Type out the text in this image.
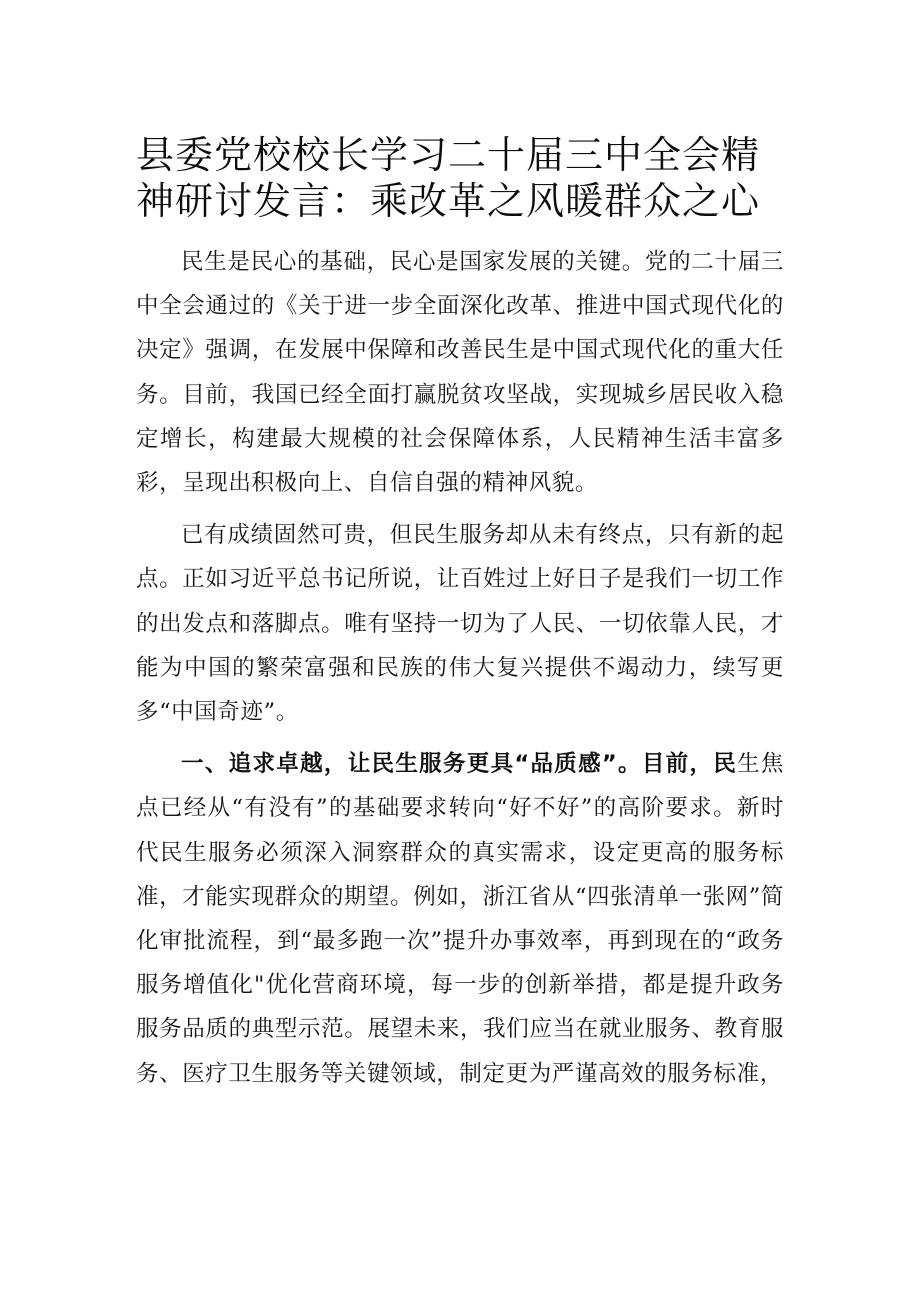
县委党校校长学习二十届三中全会精神研讨发言：乘改革之风暖群众之心

民生是民心的基础，民心是国家发展的关键。党的二十届三中全会通过的《关于进一步全面深化改革、推进中国式现代化的决定》强调，在发展中保障和改善民生是中国式现代化的重大任务。目前，我国已经全面打赢脱贫攻坚战，实现城乡居民收入稳定增长，构建最大规模的社会保障体系，人民精神生活丰富多彩，呈现出积极向上、自信自强的精神风貌。

已有成绩固然可贵，但民生服务却从未有终点，只有新的起点。正如习近平总书记所说，让百姓过上好日子是我们一切工作的出发点和落脚点。唯有坚持一切为了人民、一切依靠人民，才能为中国的繁荣富强和民族的伟大复兴提供不竭动力，续写更多“中国奇迹”。

一、追求卓越，让民生服务更具“品质感”。目前，民生焦点已经从“有没有”的基础要求转向“好不好”的高阶要求。新时代民生服务必须深入洞察群众的真实需求，设定更高的服务标准，才能实现群众的期望。例如，浙江省从“四张清单一张网”简化审批流程，到“最多跑一次”提升办事效率，再到现在的“政务服务增值化"优化营商环境，每一步的创新举措，都是提升政务服务品质的典型示范。展望未来，我们应当在就业服务、教育服务、医疗卫生服务等关键领域，制定更为严谨高效的服务标准，
